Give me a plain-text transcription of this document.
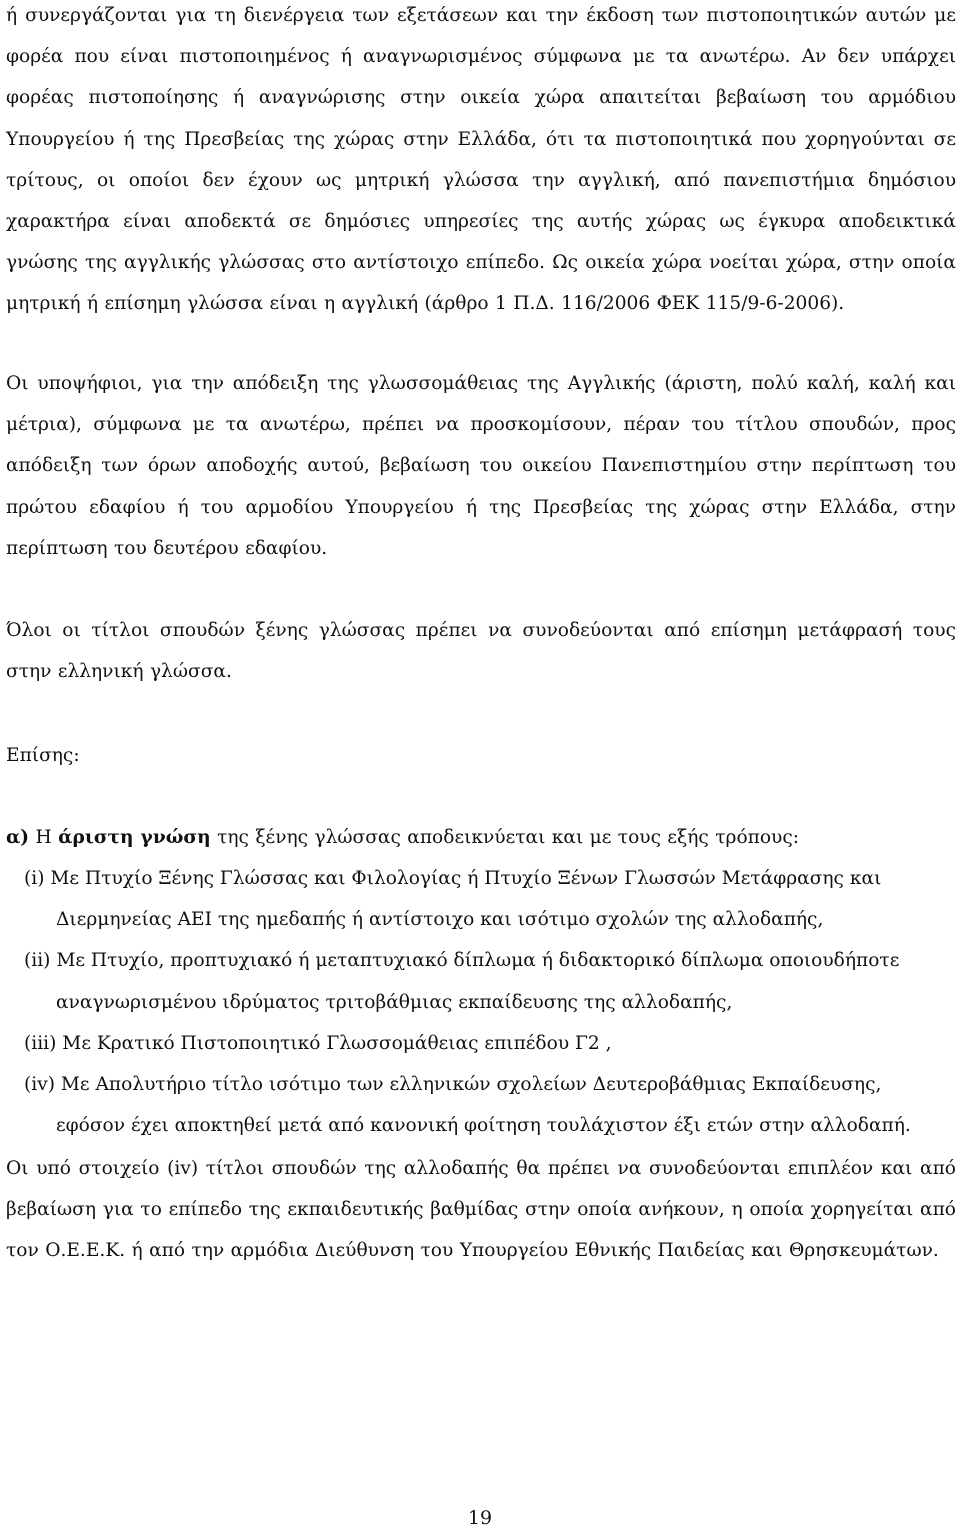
ή συνεργάζονται για τη διενέργεια των εξετάσεων και την έκδοση των πιστοποιητικών αυτών με φορέα που είναι πιστοποιημένος ή αναγνωρισμένος σύμφωνα με τα ανωτέρω. Αν δεν υπάρχει φορέας πιστοποίησης ή αναγνώρισης στην οικεία χώρα απαιτείται βεβαίωση του αρμόδιου Υπουργείου ή της Πρεσβείας της χώρας στην Ελλάδα, ότι τα πιστοποιητικά που χορηγούνται σε τρίτους, οι οποίοι δεν έχουν ως μητρική γλώσσα την αγγλική, από πανεπιστήμια δημόσιου χαρακτήρα είναι αποδεκτά σε δημόσιες υπηρεσίες της αυτής χώρας ως έγκυρα αποδεικτικά γνώσης της αγγλικής γλώσσας στο αντίστοιχο επίπεδο. Ως οικεία χώρα νοείται χώρα, στην οποία μητρική ή επίσημη γλώσσα είναι η αγγλική (άρθρο 1 Π.Δ. 116/2006 ΦΕΚ 115/9-6-2006).

Οι υποψήφιοι, για την απόδειξη της γλωσσομάθειας της Αγγλικής (άριστη, πολύ καλή, καλή και μέτρια), σύμφωνα με τα ανωτέρω, πρέπει να προσκομίσουν, πέραν του τίτλου σπουδών, προς απόδειξη των όρων αποδοχής αυτού, βεβαίωση του οικείου Πανεπιστημίου στην περίπτωση του πρώτου εδαφίου ή του αρμοδίου Υπουργείου ή της Πρεσβείας της χώρας στην Ελλάδα, στην περίπτωση του δευτέρου εδαφίου.

Όλοι οι τίτλοι σπουδών ξένης γλώσσας πρέπει να συνοδεύονται από επίσημη μετάφρασή τους στην ελληνική γλώσσα.

Επίσης:

α) Η άριστη γνώση της ξένης γλώσσας αποδεικνύεται και με τους εξής τρόπους:

(i) Με Πτυχίο Ξένης Γλώσσας και Φιλολογίας ή Πτυχίο Ξένων Γλωσσών Μετάφρασης και
Διερμηνείας ΑΕΙ της ημεδαπής ή αντίστοιχο και ισότιμο σχολών της αλλοδαπής,
(ii) Με Πτυχίο, προπτυχιακό ή μεταπτυχιακό δίπλωμα ή διδακτορικό δίπλωμα οποιουδήποτε
αναγνωρισμένου ιδρύματος τριτοβάθμιας εκπαίδευσης της αλλοδαπής,
(iii) Με Κρατικό Πιστοποιητικό Γλωσσομάθειας επιπέδου Γ2 ,
(iv) Με Απολυτήριο τίτλο ισότιμο των ελληνικών σχολείων Δευτεροβάθμιας Εκπαίδευσης,
εφόσον έχει αποκτηθεί μετά από κανονική φοίτηση τουλάχιστον έξι ετών στην αλλοδαπή.

Οι υπό στοιχείο (iv) τίτλοι σπουδών της αλλοδαπής θα πρέπει να συνοδεύονται επιπλέον και από βεβαίωση για το επίπεδο της εκπαιδευτικής βαθμίδας στην οποία ανήκουν, η οποία χορηγείται από τον Ο.Ε.Ε.Κ. ή από την αρμόδια Διεύθυνση του Υπουργείου Εθνικής Παιδείας και Θρησκευμάτων.

19
